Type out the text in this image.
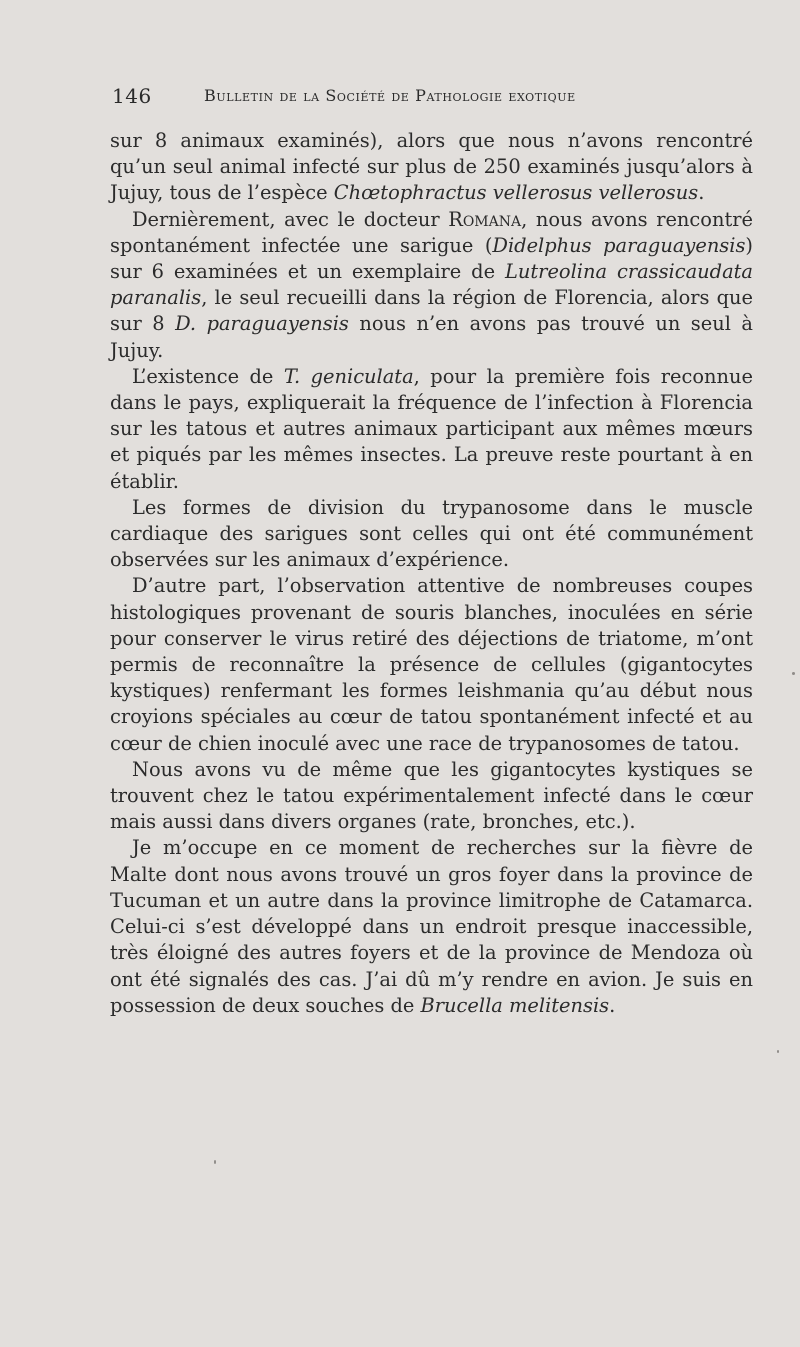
146	Bulletin de la Société de Pathologie exotique

sur 8 animaux examinés), alors que nous n’avons rencontré qu’un seul animal infecté sur plus de 250 examinés jusqu’alors à Jujuy, tous de l’espèce Chœtophractus vellerosus vellerosus.

Dernièrement, avec le docteur Romana, nous avons rencontré spontanément infectée une sarigue (Didelphus paraguayensis) sur 6 examinées et un exemplaire de Lutreolina crassicaudata paranalis, le seul recueilli dans la région de Florencia, alors que sur 8 D. paraguayensis nous n’en avons pas trouvé un seul à Jujuy.

L’existence de T. geniculata, pour la première fois reconnue dans le pays, expliquerait la fréquence de l’infection à Florencia sur les tatous et autres animaux participant aux mêmes mœurs et piqués par les mêmes insectes. La preuve reste pourtant à en établir.

Les formes de division du trypanosome dans le muscle cardiaque des sarigues sont celles qui ont été communément observées sur les animaux d’expérience.

D’autre part, l’observation attentive de nombreuses coupes histologiques provenant de souris blanches, inoculées en série pour conserver le virus retiré des déjections de triatome, m’ont permis de reconnaître la présence de cellules (gigantocytes kystiques) renfermant les formes leishmania qu’au début nous croyions spéciales au cœur de tatou spontanément infecté et au cœur de chien inoculé avec une race de trypanosomes de tatou.

Nous avons vu de même que les gigantocytes kystiques se trouvent chez le tatou expérimentalement infecté dans le cœur mais aussi dans divers organes (rate, bronches, etc.).

Je m’occupe en ce moment de recherches sur la fièvre de Malte dont nous avons trouvé un gros foyer dans la province de Tucuman et un autre dans la province limitrophe de Catamarca. Celui-ci s’est développé dans un endroit presque inaccessible, très éloigné des autres foyers et de la province de Mendoza où ont été signalés des cas. J’ai dû m’y rendre en avion. Je suis en possession de deux souches de Brucella melitensis.
